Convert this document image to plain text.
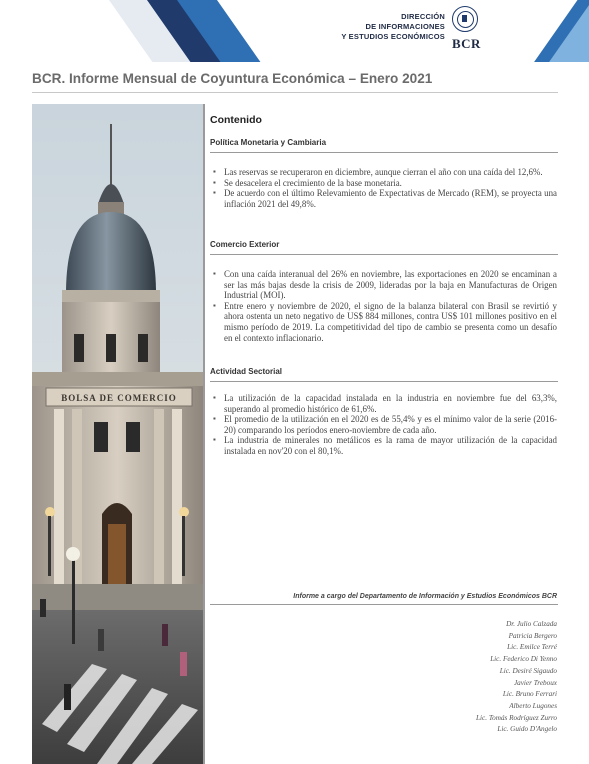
DIRECCIÓN
DE INFORMACIONES
Y ESTUDIOS ECONÓMICOS BCR
BCR. Informe Mensual de Coyuntura Económica – Enero 2021
BOLSA DE COMERCIO
Contenido
Política Monetaria y Cambiaria
▪ Las reservas se recuperaron en diciembre, aunque cierran el año con una caída del 12,6%.
▪ Se desacelera el crecimiento de la base monetaria.
▪ De acuerdo con el último Relevamiento de Expectativas de Mercado (REM), se proyecta una inflación 2021 del 49,8%.
Comercio Exterior
▪ Con una caída interanual del 26% en noviembre, las exportaciones en 2020 se encaminan a ser las más bajas desde la crisis de 2009, lideradas por la baja en Manufacturas de Origen Industrial (MOI).
▪ Entre enero y noviembre de 2020, el signo de la balanza bilateral con Brasil se revirtió y ahora ostenta un neto negativo de US$ 884 millones, contra US$ 101 millones positivo en el mismo período de 2019. La competitividad del tipo de cambio se presenta como un desafío en el contexto inflacionario.
Actividad Sectorial
▪ La utilización de la capacidad instalada en la industria en noviembre fue del 63,3%, superando al promedio histórico de 61,6%.
▪ El promedio de la utilización en el 2020 es de 55,4% y es el mínimo valor de la serie (2016-20) comparando los períodos enero-noviembre de cada año.
▪ La industria de minerales no metálicos es la rama de mayor utilización de la capacidad instalada en nov'20 con el 80,1%.
Informe a cargo del Departamento de Información y Estudios Económicos BCR
Dr. Julio Calzada
Patricia Bergero
Lic. Emilce Terré
Lic. Federico Di Yenno
Lic. Desiré Sigaudo
Javier Treboux
Lic. Bruno Ferrari
Alberto Lugones
Lic. Tomás Rodríguez Zurro
Lic. Guido D'Angelo
